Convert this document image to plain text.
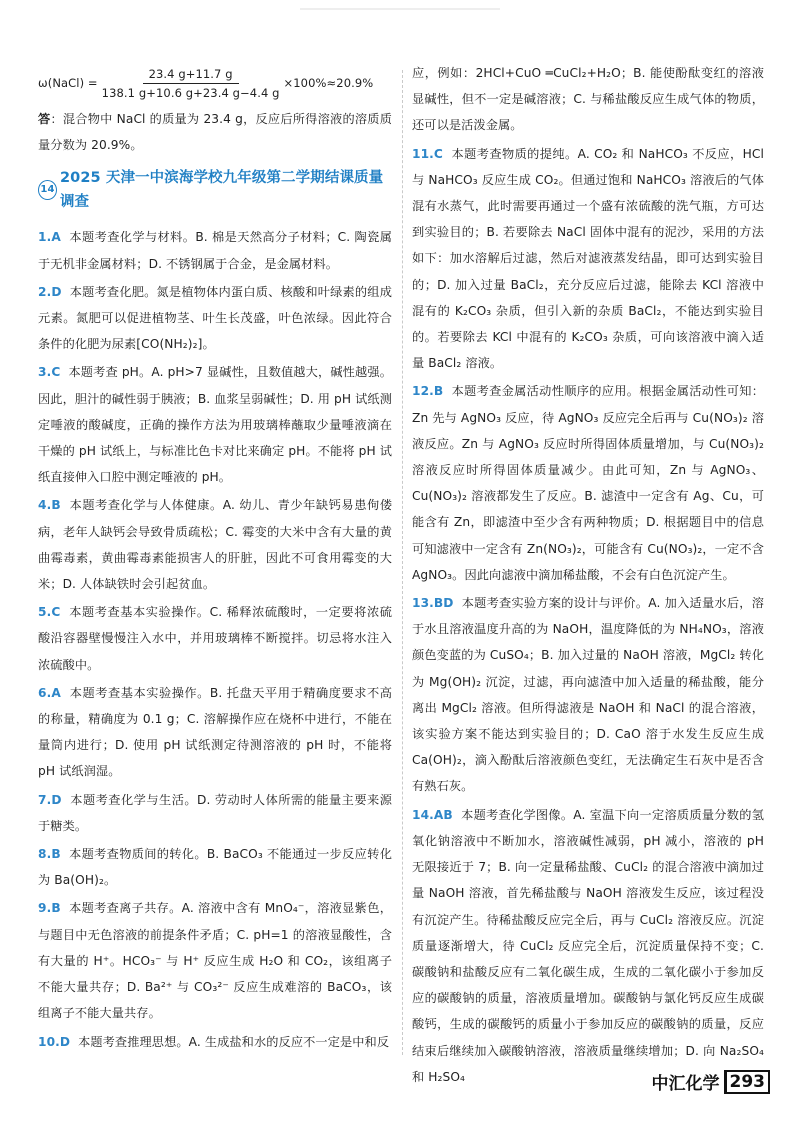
ω(NaCl) = $\frac{23.4 g+11.7 g}{138.1 g+10.6 g+23.4 g-4.4 g} \times 100\%\approx 20.9\%$

答：混合物中 NaCl 的质量为 23.4 g，反应后所得溶液的溶质质量分数为 20.9%。

14
2025 天津一中滨海学校九年级第二学期结课质量调查

1.A 本题考查化学与材料。B. 棉是天然高分子材料；C. 陶瓷属于无机非金属材料；D. 不锈钢属于合金，是金属材料。

2.D 本题考查化肥。氮是植物体内蛋白质、核酸和叶绿素的组成元素。氮肥可以促进植物茎、叶生长茂盛，叶色浓绿。因此符合条件的化肥为尿素[CO(NH₂)₂]。

3.C 本题考查 pH。A. pH>7 显碱性，且数值越大，碱性越强。因此，胆汁的碱性弱于胰液；B. 血浆呈弱碱性；D. 用 pH 试纸测定唾液的酸碱度，正确的操作方法为用玻璃棒蘸取少量唾液滴在干燥的 pH 试纸上，与标准比色卡对比来确定 pH。不能将 pH 试纸直接伸入口腔中测定唾液的 pH。

4.B 本题考查化学与人体健康。A. 幼儿、青少年缺钙易患佝偻病，老年人缺钙会导致骨质疏松；C. 霉变的大米中含有大量的黄曲霉毒素，黄曲霉毒素能损害人的肝脏，因此不可食用霉变的大米；D. 人体缺铁时会引起贫血。

5.C 本题考查基本实验操作。C. 稀释浓硫酸时，一定要将浓硫酸沿容器壁慢慢注入水中，并用玻璃棒不断搅拌。切忌将水注入浓硫酸中。

6.A 本题考查基本实验操作。B. 托盘天平用于精确度要求不高的称量，精确度为 0.1 g；C. 溶解操作应在烧杯中进行，不能在量筒内进行；D. 使用 pH 试纸测定待测溶液的 pH 时，不能将 pH 试纸润湿。

7.D 本题考查化学与生活。D. 劳动时人体所需的能量主要来源于糖类。

8.B 本题考查物质间的转化。B. BaCO₃ 不能通过一步反应转化为 Ba(OH)₂。

9.B 本题考查离子共存。A. 溶液中含有 MnO₄⁻，溶液显紫色，与题目中无色溶液的前提条件矛盾；C. pH=1 的溶液显酸性，含有大量的 H⁺。HCO₃⁻ 与 H⁺ 反应生成 H₂O 和 CO₂，该组离子不能大量共存；D. Ba²⁺ 与 CO₃²⁻ 反应生成难溶的 BaCO₃，该组离子不能大量共存。

10.D 本题考查推理思想。A. 生成盐和水的反应不一定是中和反

应，例如：2HCl+CuO ═CuCl₂+H₂O；B. 能使酚酞变红的溶液显碱性，但不一定是碱溶液；C. 与稀盐酸反应生成气体的物质，还可以是活泼金属。

11.C 本题考查物质的提纯。A. CO₂ 和 NaHCO₃ 不反应，HCl 与 NaHCO₃ 反应生成 CO₂。但通过饱和 NaHCO₃ 溶液后的气体混有水蒸气，此时需要再通过一个盛有浓硫酸的洗气瓶，方可达到实验目的；B. 若要除去 NaCl 固体中混有的泥沙，采用的方法如下：加水溶解后过滤，然后对滤液蒸发结晶，即可达到实验目的；D. 加入过量 BaCl₂，充分反应后过滤，能除去 KCl 溶液中混有的 K₂CO₃ 杂质，但引入新的杂质 BaCl₂，不能达到实验目的。若要除去 KCl 中混有的 K₂CO₃ 杂质，可向该溶液中滴入适量 BaCl₂ 溶液。

12.B 本题考查金属活动性顺序的应用。根据金属活动性可知：Zn 先与 AgNO₃ 反应，待 AgNO₃ 反应完全后再与 Cu(NO₃)₂ 溶液反应。Zn 与 AgNO₃ 反应时所得固体质量增加，与 Cu(NO₃)₂ 溶液反应时所得固体质量减少。由此可知，Zn 与 AgNO₃、Cu(NO₃)₂ 溶液都发生了反应。B. 滤渣中一定含有 Ag、Cu，可能含有 Zn，即滤渣中至少含有两种物质；D. 根据题目中的信息可知滤液中一定含有 Zn(NO₃)₂，可能含有 Cu(NO₃)₂，一定不含 AgNO₃。因此向滤液中滴加稀盐酸，不会有白色沉淀产生。

13.BD 本题考查实验方案的设计与评价。A. 加入适量水后，溶于水且溶液温度升高的为 NaOH，温度降低的为 NH₄NO₃，溶液颜色变蓝的为 CuSO₄；B. 加入过量的 NaOH 溶液，MgCl₂ 转化为 Mg(OH)₂ 沉淀，过滤，再向滤渣中加入适量的稀盐酸，能分离出 MgCl₂ 溶液。但所得滤液是 NaOH 和 NaCl 的混合溶液，该实验方案不能达到实验目的；D. CaO 溶于水发生反应生成 Ca(OH)₂，滴入酚酞后溶液颜色变红，无法确定生石灰中是否含有熟石灰。

14.AB 本题考查化学图像。A. 室温下向一定溶质质量分数的氢氧化钠溶液中不断加水，溶液碱性减弱，pH 减小，溶液的 pH 无限接近于 7；B. 向一定量稀盐酸、CuCl₂ 的混合溶液中滴加过量 NaOH 溶液，首先稀盐酸与 NaOH 溶液发生反应，该过程没有沉淀产生。待稀盐酸反应完全后，再与 CuCl₂ 溶液反应。沉淀质量逐渐增大，待 CuCl₂ 反应完全后，沉淀质量保持不变；C. 碳酸钠和盐酸反应有二氧化碳生成，生成的二氧化碳小于参加反应的碳酸钠的质量，溶液质量增加。碳酸钠与氯化钙反应生成碳酸钙，生成的碳酸钙的质量小于参加反应的碳酸钠的质量，反应结束后继续加入碳酸钠溶液，溶液质量继续增加；D. 向 Na₂SO₄ 和 H₂SO₄	中汇化学 293
